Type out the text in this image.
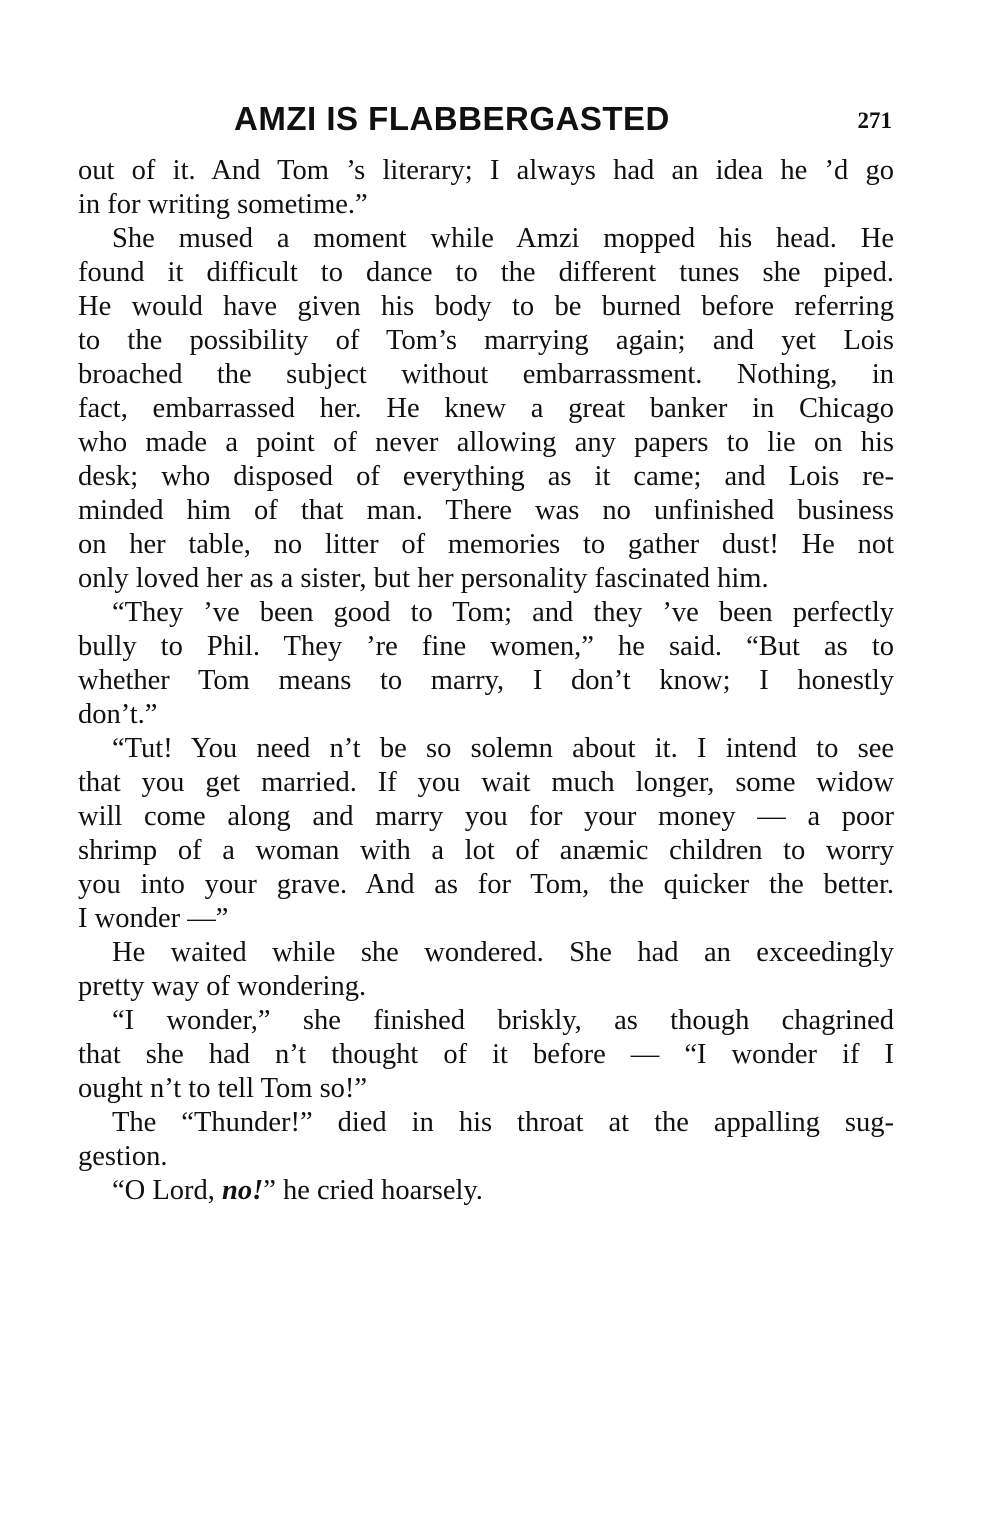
AMZI IS FLABBERGASTED	271
out of it. And Tom ’s literary; I always had an idea he ’d go
in for writing sometime.”
She mused a moment while Amzi mopped his head. He
found it difficult to dance to the different tunes she piped.
He would have given his body to be burned before referring
to the possibility of Tom’s marrying again; and yet Lois
broached the subject without embarrassment. Nothing, in
fact, embarrassed her. He knew a great banker in Chicago
who made a point of never allowing any papers to lie on his
desk; who disposed of everything as it came; and Lois re-
minded him of that man. There was no unfinished business
on her table, no litter of memories to gather dust! He not
only loved her as a sister, but her personality fascinated him.
“They ’ve been good to Tom; and they ’ve been perfectly
bully to Phil. They ’re fine women,” he said. “But as to
whether Tom means to marry, I don’t know; I honestly
don’t.”
“Tut! You need n’t be so solemn about it. I intend to see
that you get married. If you wait much longer, some widow
will come along and marry you for your money — a poor
shrimp of a woman with a lot of anæmic children to worry
you into your grave. And as for Tom, the quicker the better.
I wonder —”
He waited while she wondered. She had an exceedingly
pretty way of wondering.
“I wonder,” she finished briskly, as though chagrined
that she had n’t thought of it before — “I wonder if I
ought n’t to tell Tom so!”
The “Thunder!” died in his throat at the appalling sug-
gestion.
“O Lord, no!” he cried hoarsely.
